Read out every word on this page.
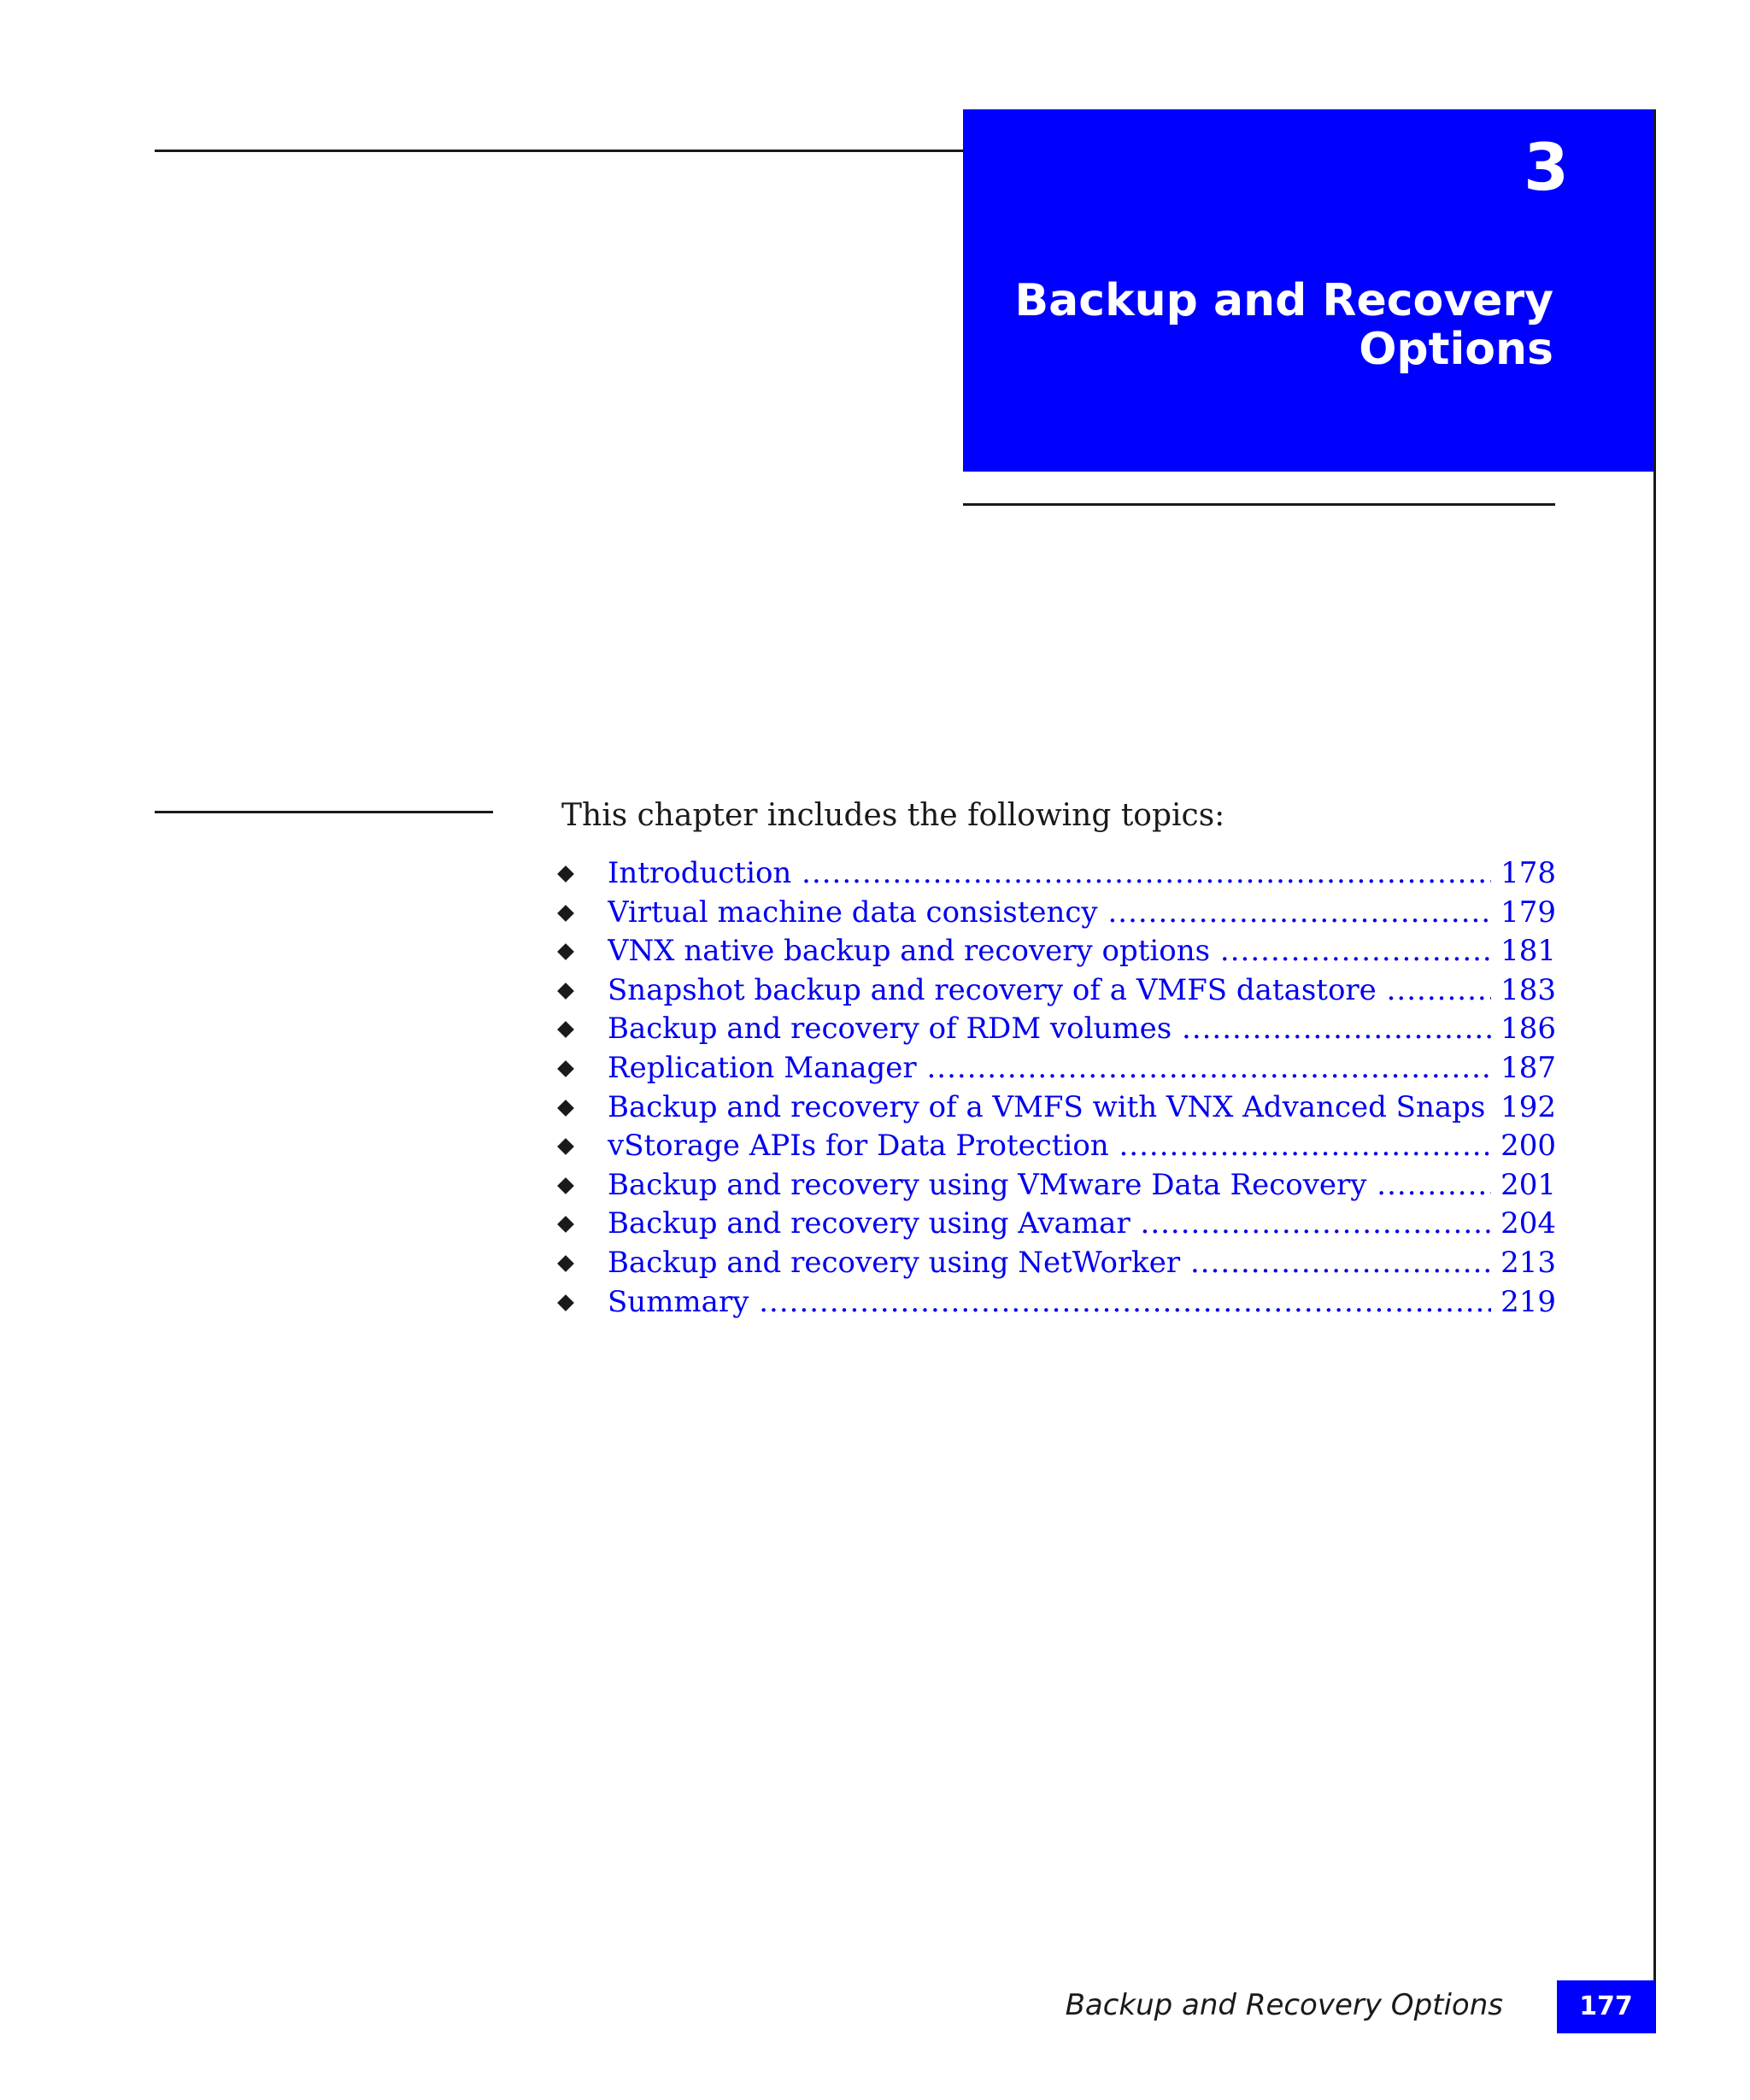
3
Backup and Recovery Options
This chapter includes the following topics:
Introduction .....	178
Virtual machine data consistency .....	179
VNX native backup and recovery options .....	181
Snapshot backup and recovery of a VMFS datastore .....	183
Backup and recovery of RDM volumes .....	186
Replication Manager .....	187
Backup and recovery of a VMFS with VNX Advanced Snaps ..... 192
vStorage APIs for Data Protection .....	200
Backup and recovery using VMware Data Recovery .....	201
Backup and recovery using Avamar .....	204
Backup and recovery using NetWorker .....	213
Summary .....	219
Backup and Recovery Options	177
